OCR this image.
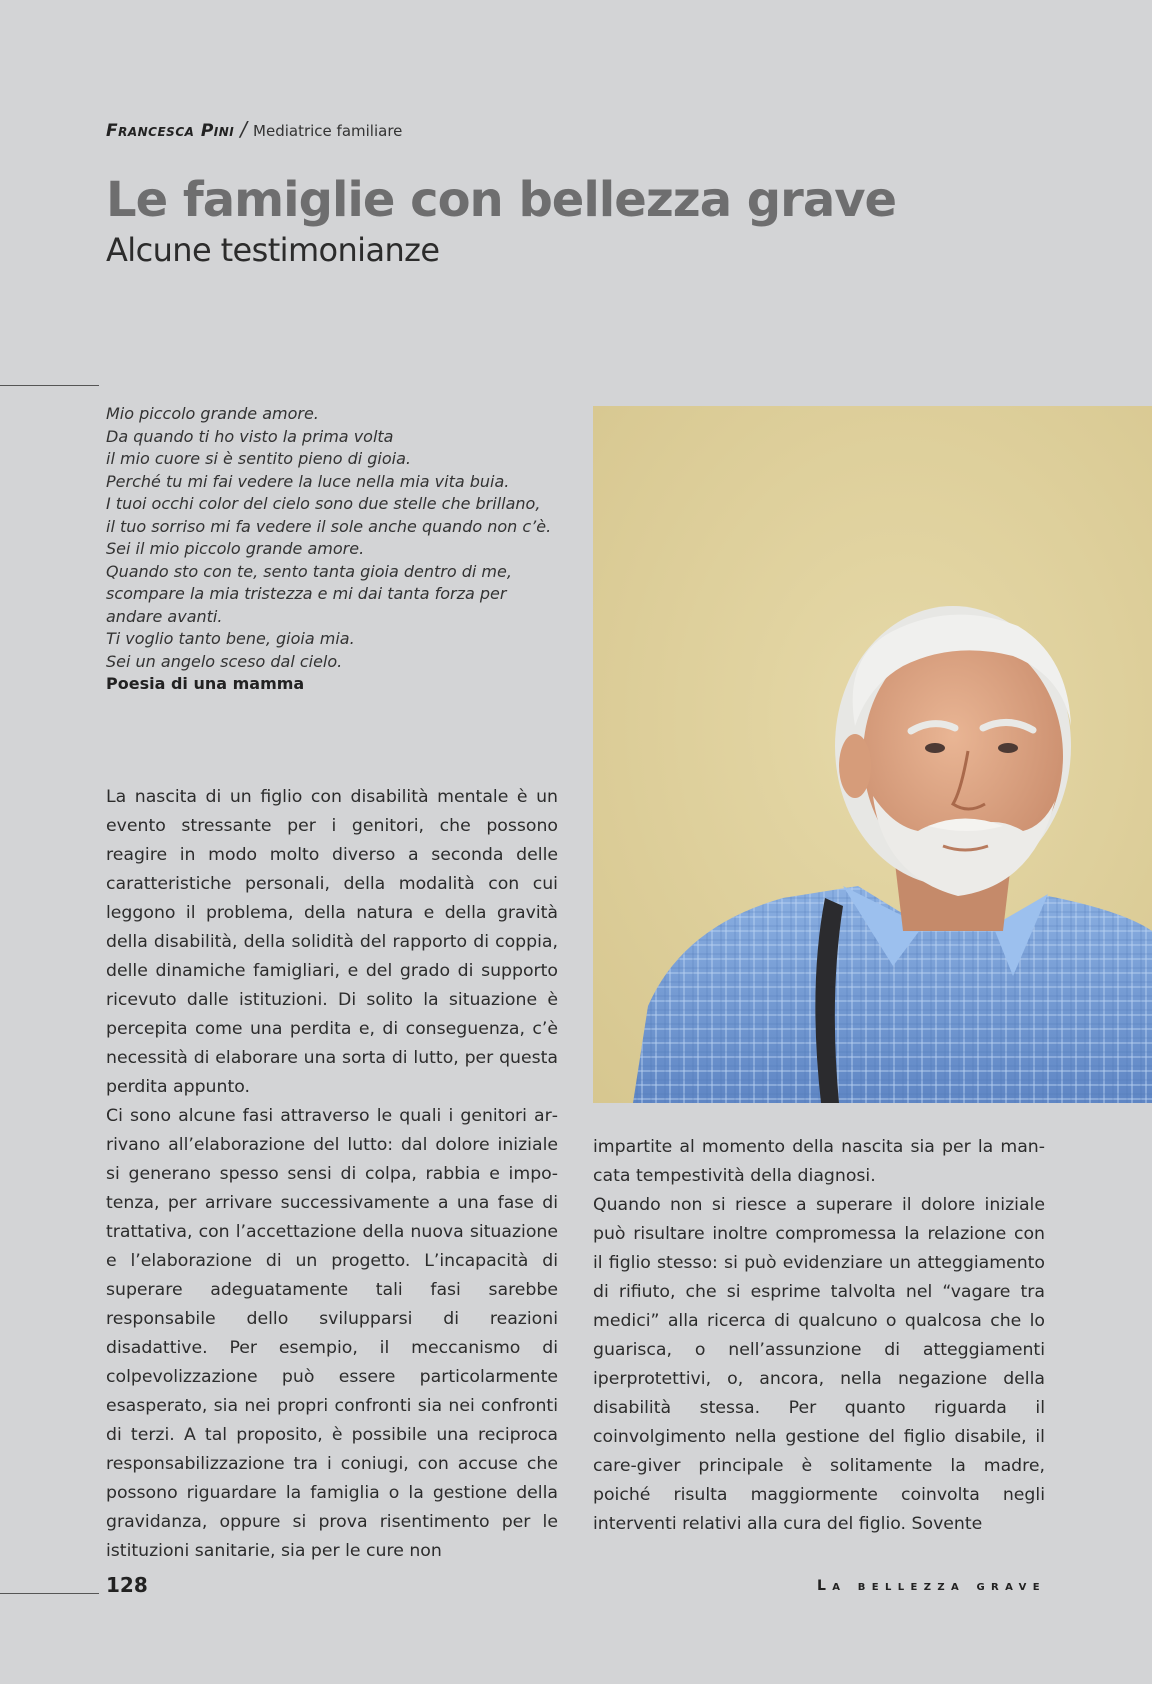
Francesca Pini / Mediatrice familiare
Le famiglie con bellezza grave
Alcune testimonianze
Mio piccolo grande amore.
Da quando ti ho visto la prima volta
il mio cuore si è sentito pieno di gioia.
Perché tu mi fai vedere la luce nella mia vita buia.
I tuoi occhi color del cielo sono due stelle che brillano,
il tuo sorriso mi fa vedere il sole anche quando non c’è.
Sei il mio piccolo grande amore.
Quando sto con te, sento tanta gioia dentro di me,
scompare la mia tristezza e mi dai tanta forza per
andare avanti.
Ti voglio tanto bene, gioia mia.
Sei un angelo sceso dal cielo.
Poesia di una mamma

La nascita di un figlio con disabilità mentale è un evento stressante per i genitori, che possono reagire in modo molto diverso a seconda delle caratteristiche personali, della modalità con cui leggono il problema, della natura e della gravità della disabilità, della solidità del rapporto di coppia, delle dinamiche famigliari, e del grado di supporto ricevuto dalle istituzioni. Di solito la situazione è percepita come una perdita e, di conseguenza, c’è necessità di elaborare una sorta di lutto, per questa perdita appunto.

Ci sono alcune fasi attraverso le quali i genitori arrivano all’elaborazione del lutto: dal dolore iniziale si generano spesso sensi di colpa, rabbia e impotenza, per arrivare successivamente a una fase di trattativa, con l’accettazione della nuova situazione e l’elaborazione di un progetto. L’incapacità di superare adeguatamente tali fasi sarebbe responsabile dello svilupparsi di reazioni disadattive. Per esempio, il meccanismo di colpevolizzazione può essere particolarmente esasperato, sia nei propri confronti sia nei confronti di terzi. A tal proposito, è possibile una reciproca responsabilizzazione tra i coniugi, con accuse che possono riguardare la famiglia o la gestione della gravidanza, oppure si prova risentimento per le istituzioni sanitarie, sia per le cure non

impartite al momento della nascita sia per la mancata tempestività della diagnosi.

Quando non si riesce a superare il dolore iniziale può risultare inoltre compromessa la relazione con il figlio stesso: si può evidenziare un atteggiamento di rifiuto, che si esprime talvolta nel “vagare tra medici” alla ricerca di qualcuno o qualcosa che lo guarisca, o nell’assunzione di atteggiamenti iperprotettivi, o, ancora, nella negazione della disabilità stessa. Per quanto riguarda il coinvolgimento nella gestione del figlio disabile, il care-giver principale è solitamente la madre, poiché risulta maggiormente coinvolta negli interventi relativi alla cura del figlio. Sovente

128	La bellezza grave
